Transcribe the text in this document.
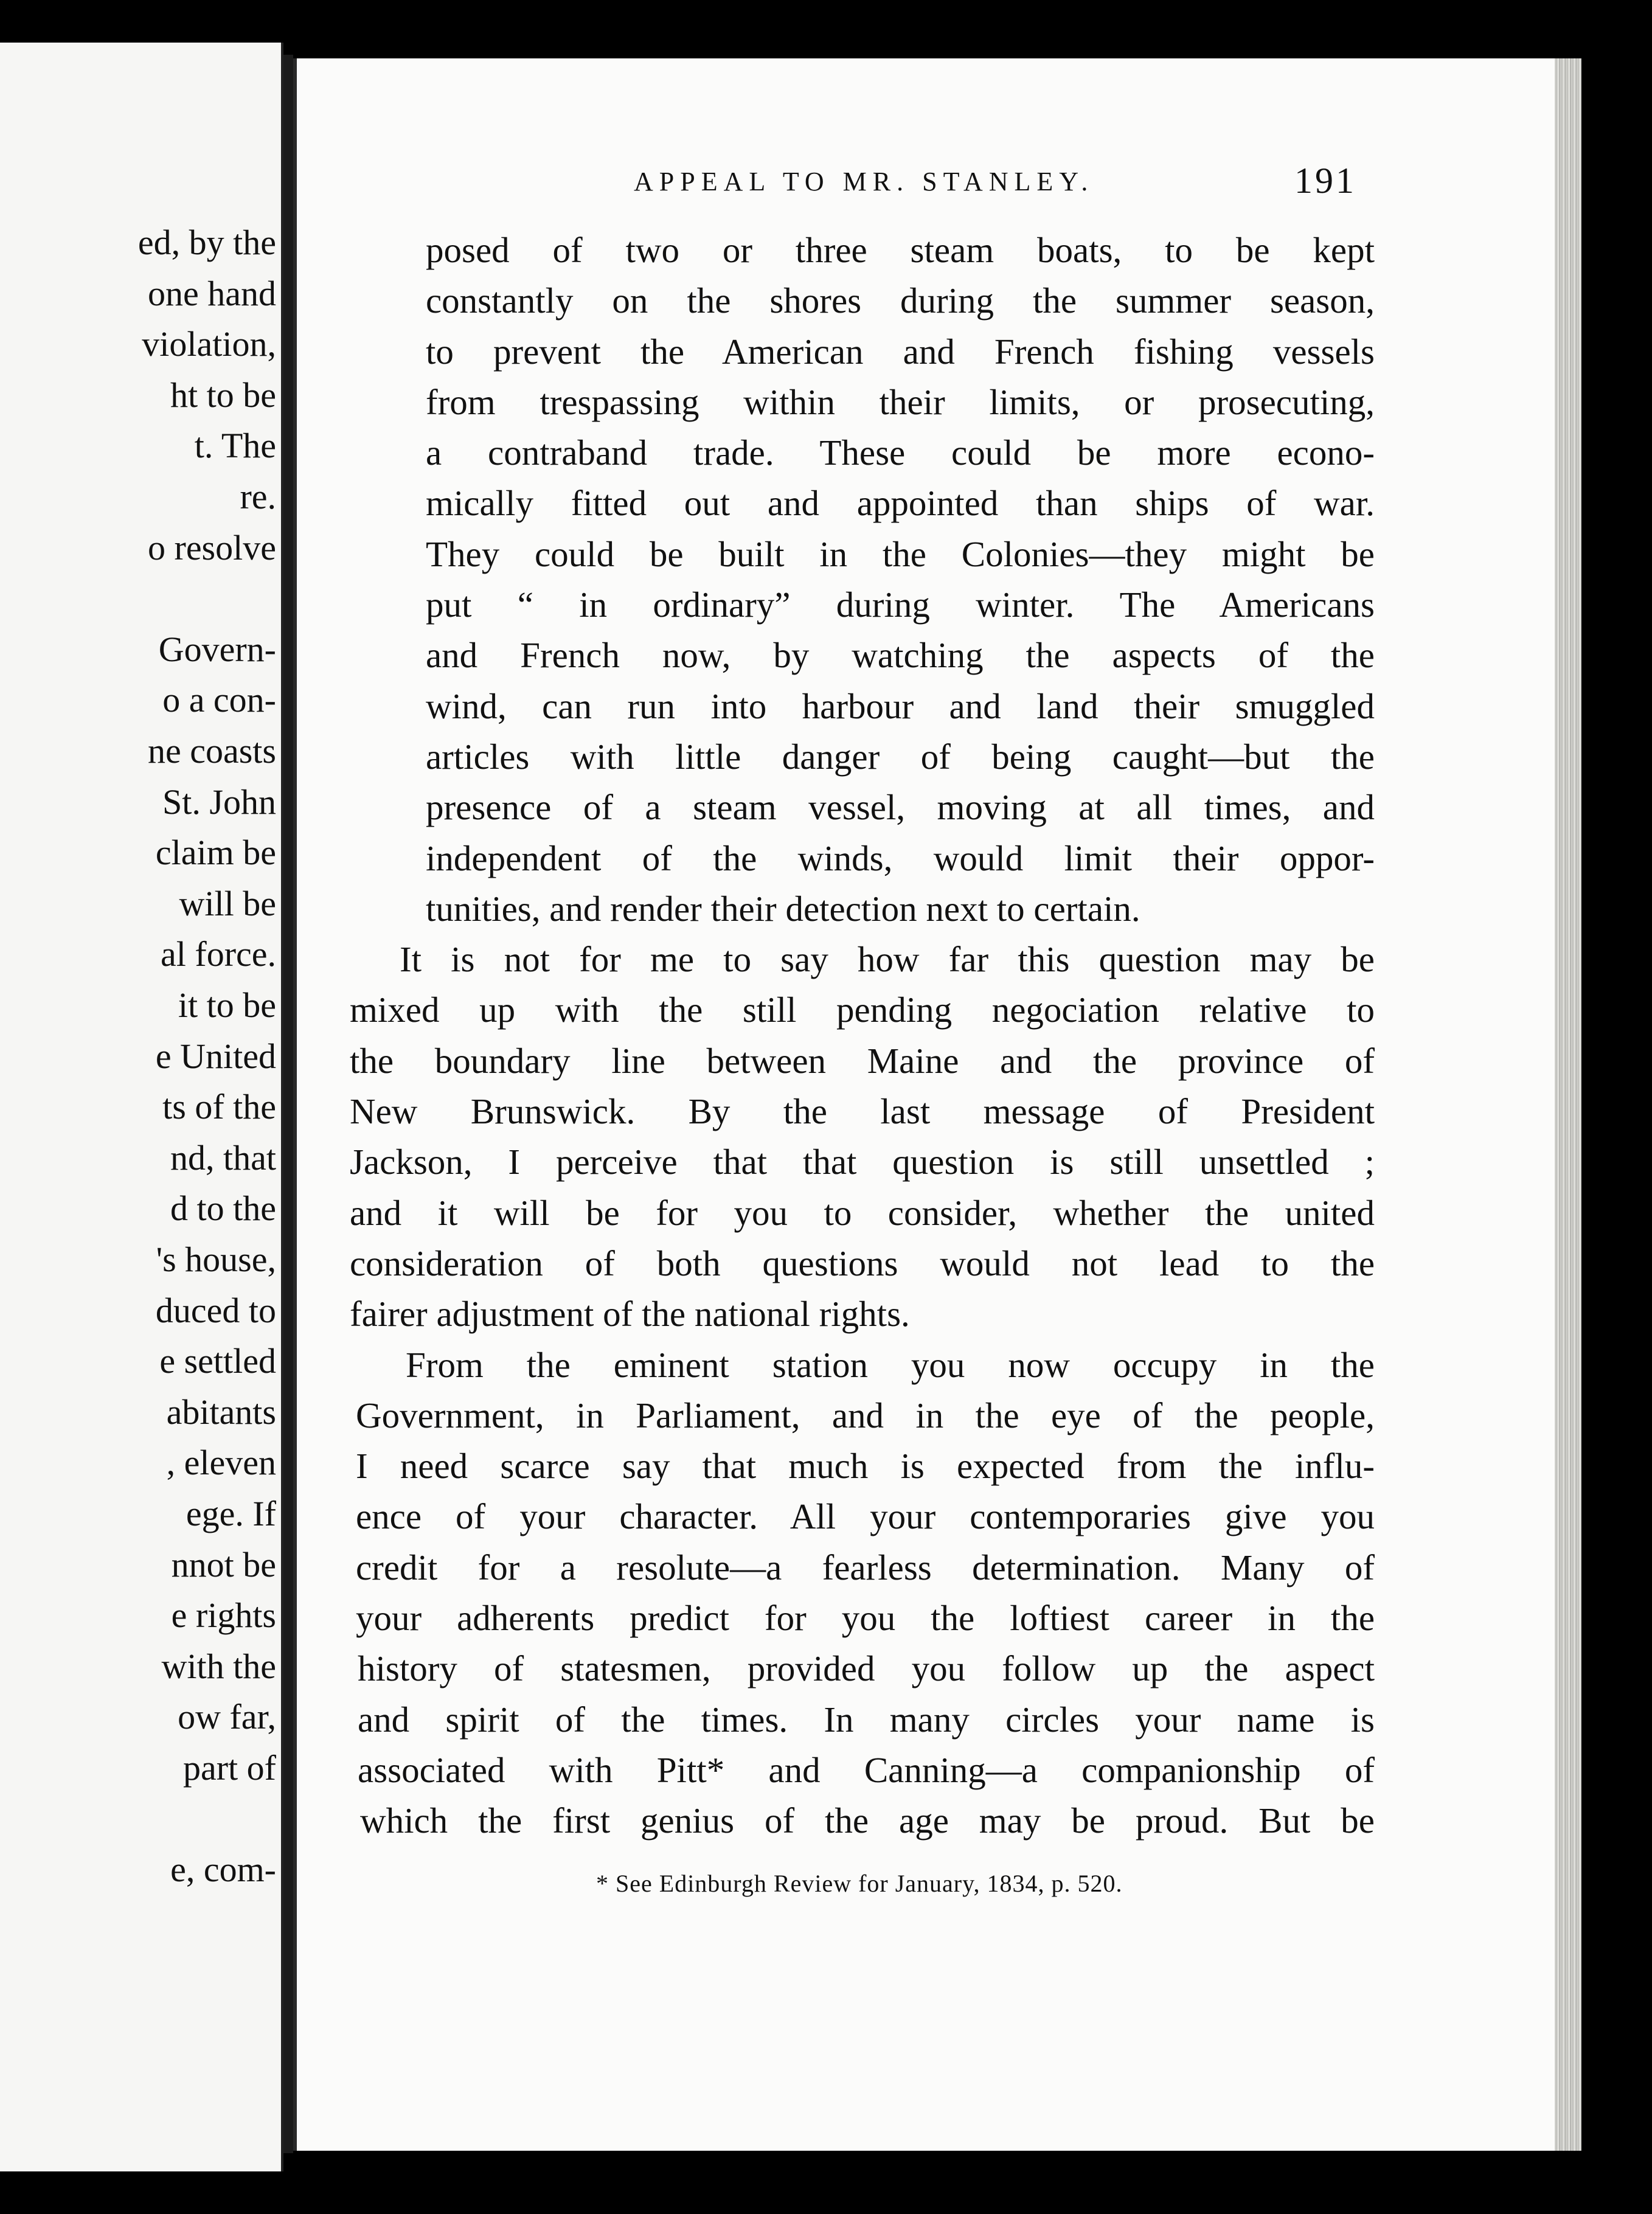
ed, by the
one hand
violation,
ht to be
t. The
re.
o resolve
Govern-
o a con-
ne coasts
St. John
claim be
will be
al force.
it to be
e United
ts of the
nd, that
d to the
's house,
duced to
e settled
abitants
, eleven
ege. If
nnot be
e rights
with the
ow far,
part of
e, com-
APPEAL TO MR. STANLEY.	191
posed of two or three steam boats, to be kept
constantly on the shores during the summer season,
to prevent the American and French fishing vessels
from trespassing within their limits, or prosecuting,
a contraband trade. These could be more econo-
mically fitted out and appointed than ships of war.
They could be built in the Colonies—they might be
put “ in ordinary” during winter. The Americans
and French now, by watching the aspects of the
wind, can run into harbour and land their smuggled
articles with little danger of being caught—but the
presence of a steam vessel, moving at all times, and
independent of the winds, would limit their oppor-
tunities, and render their detection next to certain.
It is not for me to say how far this question may be
mixed up with the still pending negociation relative to
the boundary line between Maine and the province of
New Brunswick. By the last message of President
Jackson, I perceive that that question is still unsettled ;
and it will be for you to consider, whether the united
consideration of both questions would not lead to the
fairer adjustment of the national rights.
From the eminent station you now occupy in the
Government, in Parliament, and in the eye of the people,
I need scarce say that much is expected from the influ-
ence of your character. All your contemporaries give you
credit for a resolute—a fearless determination. Many of
your adherents predict for you the loftiest career in the
history of statesmen, provided you follow up the aspect
and spirit of the times. In many circles your name is
associated with Pitt* and Canning—a companionship of
which the first genius of the age may be proud. But be
* See Edinburgh Review for January, 1834, p. 520.
